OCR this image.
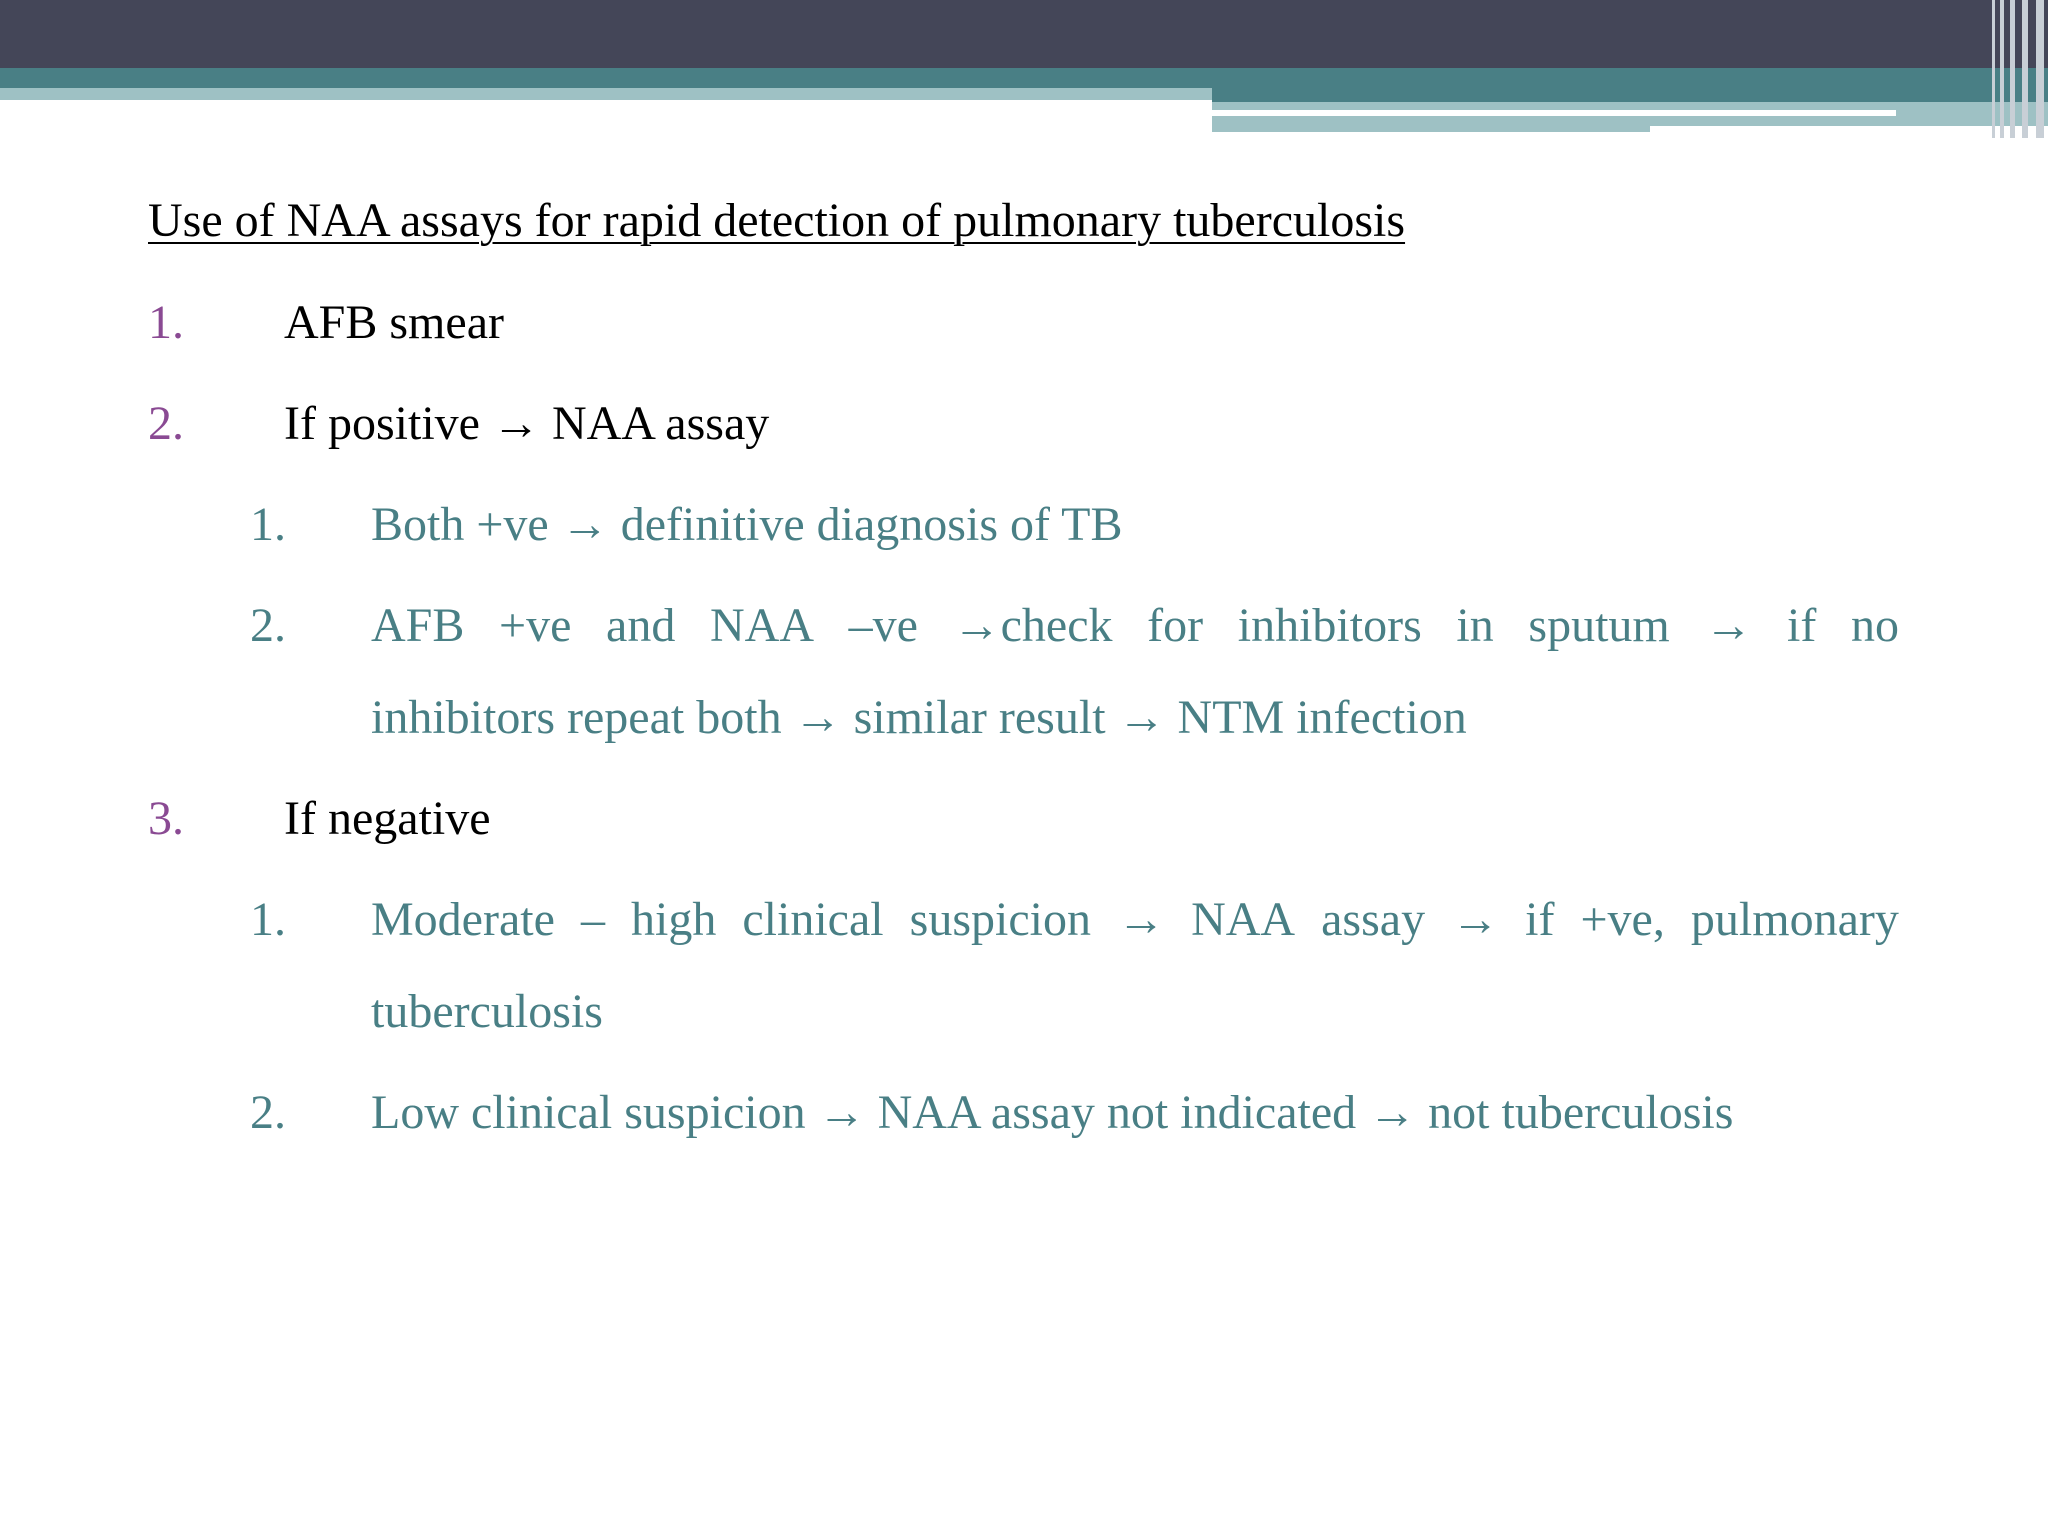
Use of NAA assays for rapid detection of pulmonary tuberculosis
1. AFB smear
2. If positive → NAA assay
1. Both +ve → definitive diagnosis of TB
2. AFB +ve and NAA –ve →check for inhibitors in sputum → if no
inhibitors repeat both → similar result → NTM infection
3. If negative
1. Moderate – high clinical suspicion → NAA assay → if +ve, pulmonary
tuberculosis
2. Low clinical suspicion → NAA assay not indicated → not tuberculosis
